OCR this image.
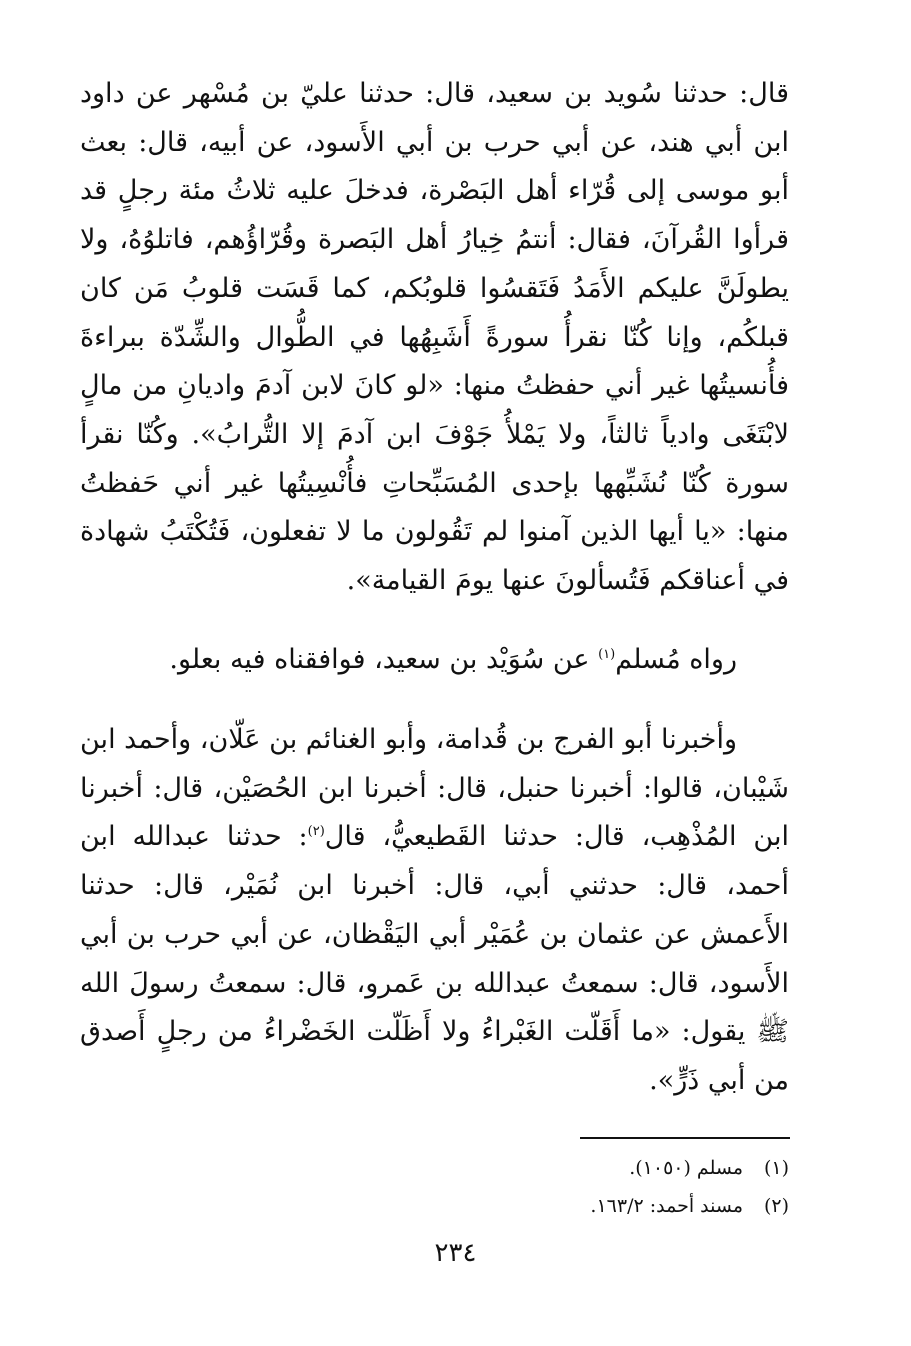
قال: حدثنا سُويد بن سعيد، قال: حدثنا عليّ بن مُسْهر عن داود ابن أبي هند، عن أبي حرب بن أبي الأَسود، عن أبيه، قال: بعث أبو موسى إلى قُرّاء أهل البَصْرة، فدخلَ عليه ثلاثُ مئة رجلٍ قد قرأوا القُرآنَ، فقال: أنتمُ خِيارُ أهل البَصرة وقُرّاؤُهم، فاتلوُهُ، ولا يطولَنَّ عليكم الأَمَدُ فَتَقسُوا قلوبُكم، كما قَسَت قلوبُ مَن كان قبلكُم، وإنا كُنّا نقرأُ سورةً أَشَبِهُها في الطُّوال والشِّدّة ببراءةَ فأُنسيتُها غير أني حفظتُ منها: «لو كانَ لابن آدمَ واديانِ من مالٍ لابْتَغَى وادياً ثالثاً، ولا يَمْلأُ جَوْفَ ابن آدمَ إلا التُّرابُ». وكُنّا نقرأ سورة كُنّا نُشَبِّهها بإحدى المُسَبِّحاتِ فأُنْسِيتُها غير أني حَفظتُ منها: «يا أيها الذين آمنوا لم تَقُولون ما لا تفعلون، فَتُكْتَبُ شهادة في أعناقكم فَتُسألونَ عنها يومَ القيامة».

رواه مُسلم$^{(١)}$ عن سُوَيْد بن سعيد، فوافقناه فيه بعلو.

وأخبرنا أبو الفرج بن قُدامة، وأبو الغنائم بن عَلّان، وأحمد ابن شَيْبان، قالوا: أخبرنا حنبل، قال: أخبرنا ابن الحُصَيْن، قال: أخبرنا ابن المُذْهِب، قال: حدثنا القَطيعيُّ، قال$^{(٢)}$: حدثنا عبدالله ابن أحمد، قال: حدثني أبي، قال: أخبرنا ابن نُمَيْر، قال: حدثنا الأَعمش عن عثمان بن عُمَيْر أبي اليَقْظان، عن أبي حرب بن أبي الأَسود، قال: سمعتُ عبدالله بن عَمرو، قال: سمعتُ رسولَ الله ﷺ يقول: «ما أَقَلّت الغَبْراءُ ولا أَظَلّت الخَضْراءُ من رجلٍ أَصدق من أبي ذَرٍّ».

(١)مسلم (١٠٥٠).

(٢)مسند أحمد: ١٦٣/٢.

٢٣٤
